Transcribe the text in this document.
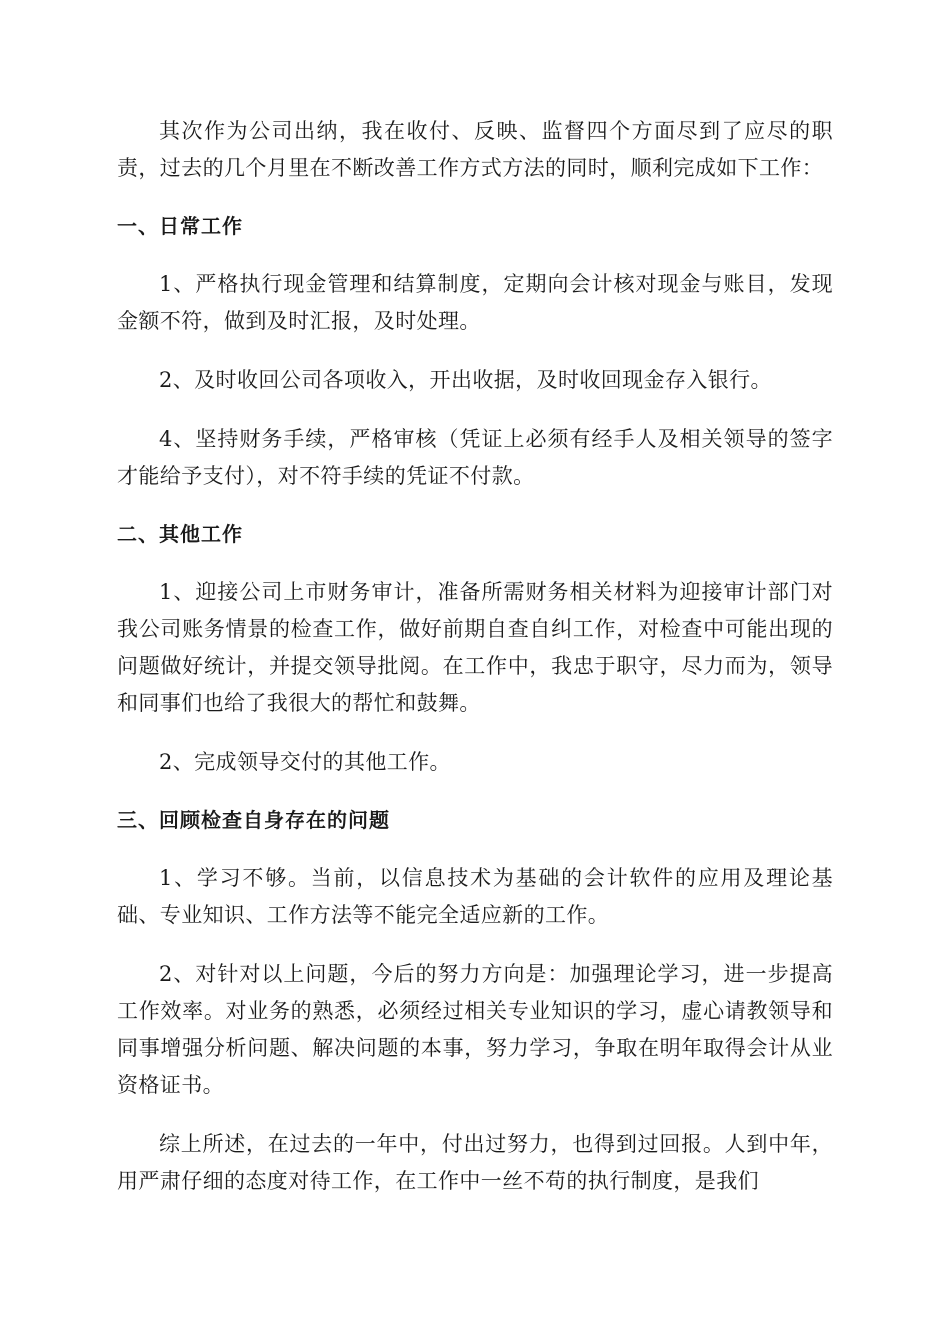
其次作为公司出纳，我在收付、反映、监督四个方面尽到了应尽的职责，过去的几个月里在不断改善工作方式方法的同时，顺利完成如下工作：

一、日常工作

1、严格执行现金管理和结算制度，定期向会计核对现金与账目，发现金额不符，做到及时汇报，及时处理。

2、及时收回公司各项收入，开出收据，及时收回现金存入银行。

4、坚持财务手续，严格审核（凭证上必须有经手人及相关领导的签字才能给予支付），对不符手续的凭证不付款。

二、其他工作

1、迎接公司上市财务审计，准备所需财务相关材料为迎接审计部门对我公司账务情景的检查工作，做好前期自查自纠工作，对检查中可能出现的问题做好统计，并提交领导批阅。在工作中，我忠于职守，尽力而为，领导和同事们也给了我很大的帮忙和鼓舞。

2、完成领导交付的其他工作。

三、回顾检查自身存在的问题

1、学习不够。当前，以信息技术为基础的会计软件的应用及理论基础、专业知识、工作方法等不能完全适应新的工作。

2、对针对以上问题，今后的努力方向是：加强理论学习，进一步提高工作效率。对业务的熟悉，必须经过相关专业知识的学习，虚心请教领导和同事增强分析问题、解决问题的本事，努力学习，争取在明年取得会计从业资格证书。

综上所述，在过去的一年中，付出过努力，也得到过回报。人到中年，用严肃仔细的态度对待工作，在工作中一丝不苟的执行制度，是我们
